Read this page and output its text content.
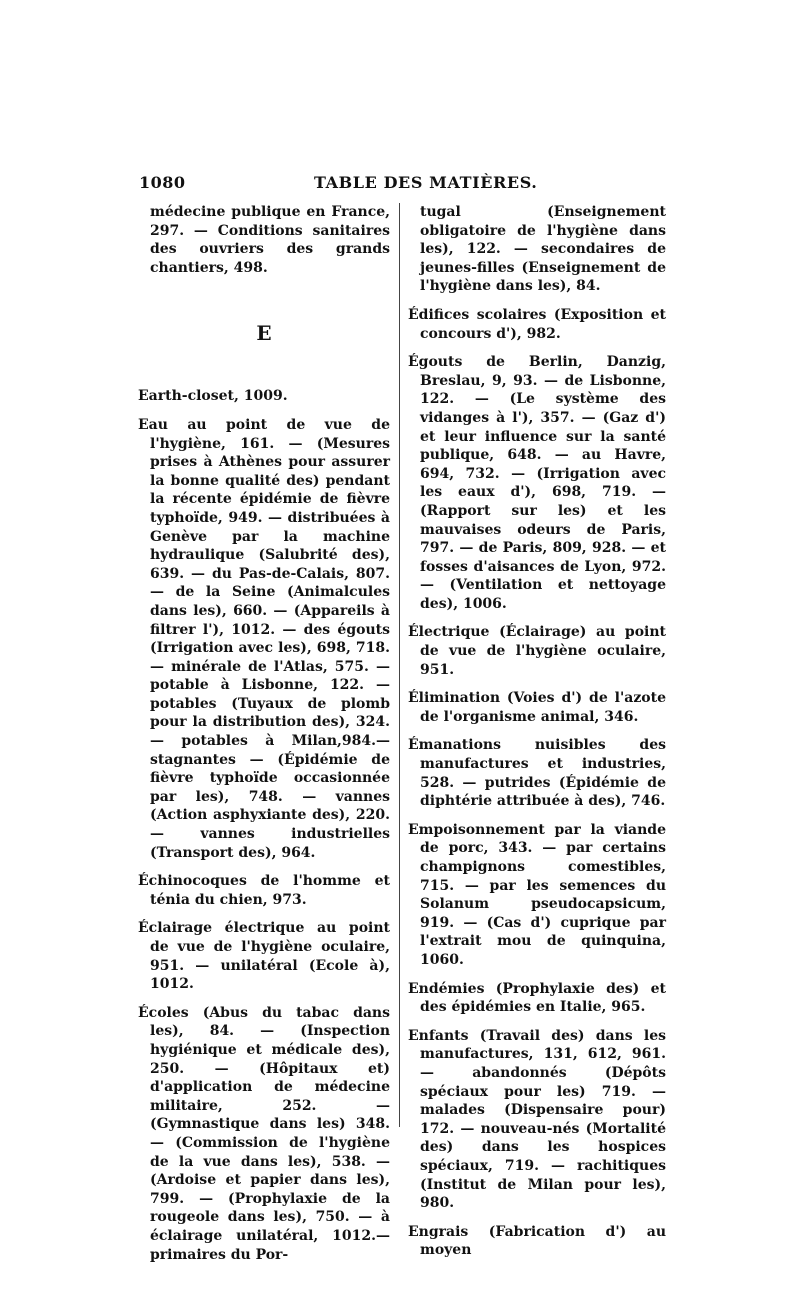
1080	TABLE DES MATIÈRES.

médecine publique en France, 297. — Conditions sanitaires des ouvriers des grands chantiers, 498.

E

Earth-closet, 1009.

Eau au point de vue de l'hygiène, 161. — (Mesures prises à Athènes pour assurer la bonne qualité des) pendant la récente épidémie de fièvre typhoïde, 949. — distribuées à Genève par la machine hydraulique (Salubrité des), 639. — du Pas-de-Calais, 807. — de la Seine (Animalcules dans les), 660. — (Appareils à filtrer l'), 1012. — des égouts (Irrigation avec les), 698, 718. — minérale de l'Atlas, 575. — potable à Lisbonne, 122. — potables (Tuyaux de plomb pour la distribution des), 324. — potables à Milan,984.— stagnantes — (Épidémie de fièvre typhoïde occasionnée par les), 748. — vannes (Action asphyxiante des), 220. — vannes industrielles (Transport des), 964.

Échinocoques de l'homme et ténia du chien, 973.

Éclairage électrique au point de vue de l'hygiène oculaire, 951. — unilatéral (Ecole à), 1012.

Écoles (Abus du tabac dans les), 84. — (Inspection hygiénique et médicale des), 250. — (Hôpitaux et) d'application de médecine militaire, 252. — (Gymnastique dans les) 348. — (Commission de l'hygiène de la vue dans les), 538. — (Ardoise et papier dans les), 799. — (Prophylaxie de la rougeole dans les), 750. — à éclairage unilatéral, 1012.— primaires du Por-

tugal (Enseignement obligatoire de l'hygiène dans les), 122. — secondaires de jeunes-filles (Enseignement de l'hygiène dans les), 84.

Édifices scolaires (Exposition et concours d'), 982.

Égouts de Berlin, Danzig, Breslau, 9, 93. — de Lisbonne, 122. — (Le système des vidanges à l'), 357. — (Gaz d') et leur influence sur la santé publique, 648. — au Havre, 694, 732. — (Irrigation avec les eaux d'), 698, 719. — (Rapport sur les) et les mauvaises odeurs de Paris, 797. — de Paris, 809, 928. — et fosses d'aisances de Lyon, 972. — (Ventilation et nettoyage des), 1006.

Électrique (Éclairage) au point de vue de l'hygiène oculaire, 951.

Élimination (Voies d') de l'azote de l'organisme animal, 346.

Émanations nuisibles des manufactures et industries, 528. — putrides (Épidémie de diphtérie attribuée à des), 746.

Empoisonnement par la viande de porc, 343. — par certains champignons comestibles, 715. — par les semences du Solanum pseudocapsicum, 919. — (Cas d') cuprique par l'extrait mou de quinquina, 1060.

Endémies (Prophylaxie des) et des épidémies en Italie, 965.

Enfants (Travail des) dans les manufactures, 131, 612, 961. — abandonnés (Dépôts spéciaux pour les) 719. — malades (Dispensaire pour) 172. — nouveau-nés (Mortalité des) dans les hospices spéciaux, 719. — rachitiques (Institut de Milan pour les), 980.

Engrais (Fabrication d') au moyen
